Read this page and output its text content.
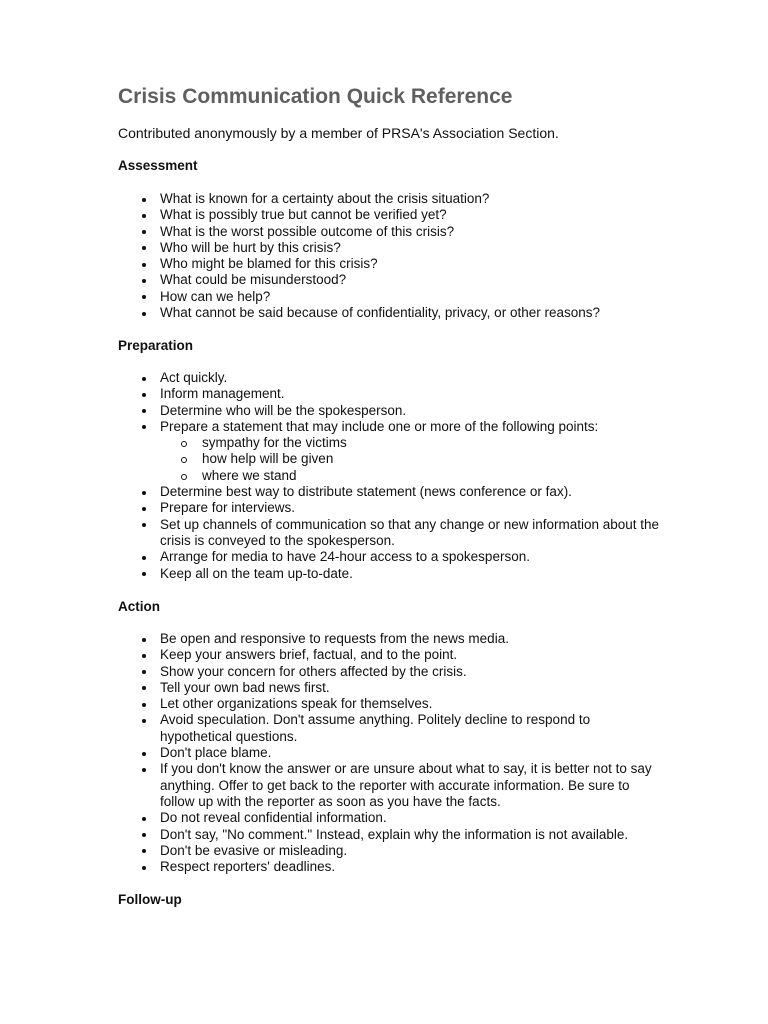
Crisis Communication Quick Reference

Contributed anonymously by a member of PRSA's Association Section.

Assessment
What is known for a certainty about the crisis situation?
What is possibly true but cannot be verified yet?
What is the worst possible outcome of this crisis?
Who will be hurt by this crisis?
Who might be blamed for this crisis?
What could be misunderstood?
How can we help?
What cannot be said because of confidentiality, privacy, or other reasons?
Preparation
Act quickly.
Inform management.
Determine who will be the spokesperson.
Prepare a statement that may include one or more of the following points:
sympathy for the victims
how help will be given
where we stand
Determine best way to distribute statement (news conference or fax).
Prepare for interviews.
Set up channels of communication so that any change or new information about the crisis is conveyed to the spokesperson.
Arrange for media to have 24-hour access to a spokesperson.
Keep all on the team up-to-date.
Action
Be open and responsive to requests from the news media.
Keep your answers brief, factual, and to the point.
Show your concern for others affected by the crisis.
Tell your own bad news first.
Let other organizations speak for themselves.
Avoid speculation. Don't assume anything. Politely decline to respond to hypothetical questions.
Don't place blame.
If you don't know the answer or are unsure about what to say, it is better not to say anything. Offer to get back to the reporter with accurate information. Be sure to follow up with the reporter as soon as you have the facts.
Do not reveal confidential information.
Don't say, "No comment." Instead, explain why the information is not available.
Don't be evasive or misleading.
Respect reporters' deadlines.
Follow-up
